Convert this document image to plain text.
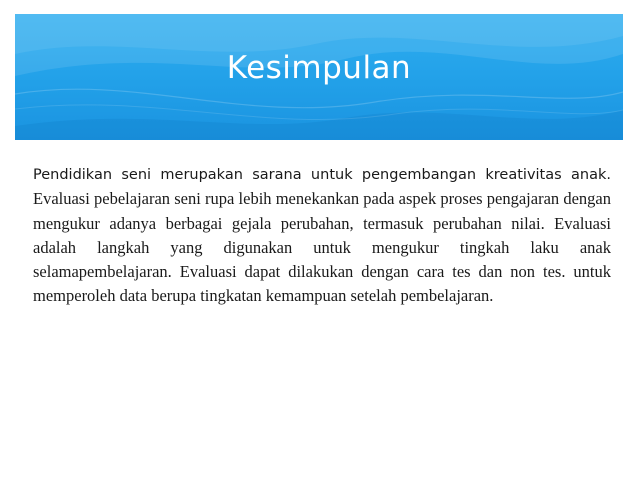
Kesimpulan

Pendidikan seni merupakan sarana untuk pengembangan kreativitas anak. Evaluasi pebelajaran seni rupa lebih menekankan pada aspek proses pengajaran dengan mengukur adanya berbagai gejala perubahan, termasuk perubahan nilai. Evaluasi adalah langkah yang digunakan untuk mengukur tingkah laku anak selamapembelajaran. Evaluasi dapat dilakukan dengan cara tes dan non tes. untuk memperoleh data berupa tingkatan kemampuan setelah pembelajaran.
